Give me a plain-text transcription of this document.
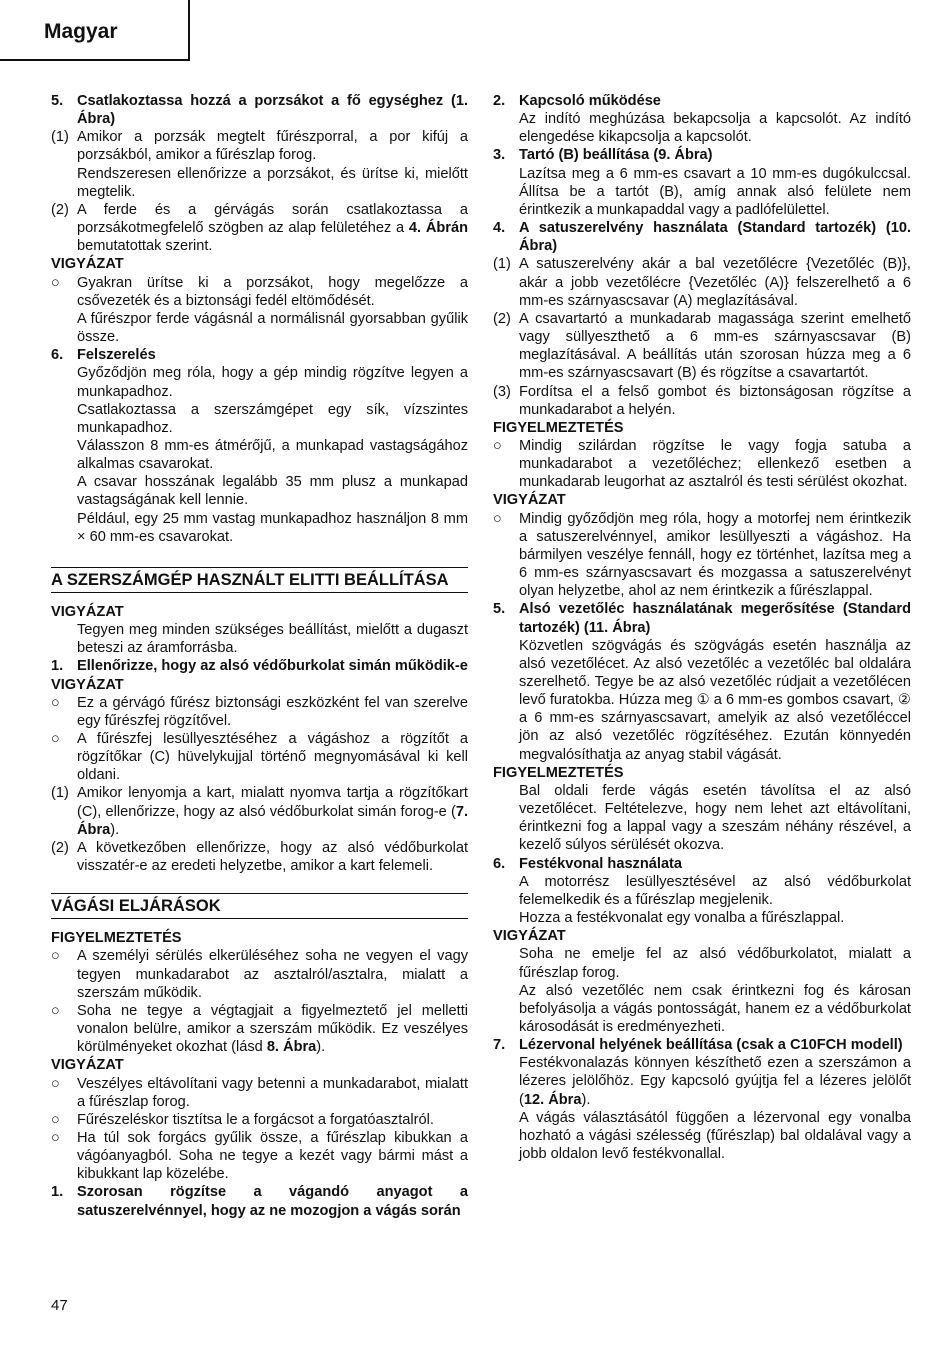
Magyar
5. Csatlakoztassa hozzá a porzsákot a fő egységhez (1. Ábra)
(1) Amikor a porzsák megtelt fűrészporral, a por kifúj a porzsákból, amikor a fűrészlap forog.
Rendszeresen ellenőrizze a porzsákot, és ürítse ki, mielőtt megtelik.
(2) A ferde és a gérvágás során csatlakoztassa a porzsákotmegfelelő szögben az alap felületéhez a 4. Ábrán bemutatottak szerint.
VIGYÁZAT
○	Gyakran ürítse ki a porzsákot, hogy megelőzze a csővezeték és a biztonsági fedél eltömődését.
A fűrészpor ferde vágásnál a normálisnál gyorsabban gyűlik össze.
6. Felszerelés
Győződjön meg róla, hogy a gép mindig rögzítve legyen a munkapadhoz.
Csatlakoztassa a szerszámgépet egy sík, vízszintes munkapadhoz.
Válasszon 8 mm-es átmérőjű, a munkapad vastagságához alkalmas csavarokat.
A csavar hosszának legalább 35 mm plusz a munkapad vastagságának kell lennie.
Például, egy 25 mm vastag munkapadhoz használjon 8 mm × 60 mm-es csavarokat.
A SZERSZÁMGÉP HASZNÁLT ELITTI BEÁLLÍTÁSA
VIGYÁZAT
Tegyen meg minden szükséges beállítást, mielőtt a dugaszt beteszi az áramforrásba.
1. Ellenőrizze, hogy az alsó védőburkolat simán működik-e
VIGYÁZAT
○	Ez a gérvágó fűrész biztonsági eszközként fel van szerelve egy fűrészfej rögzítővel.
○	A fűrészfej lesüllyesztéséhez a vágáshoz a rögzítőt a rögzítőkar (C) hüvelykujjal történő megnyomásával ki kell oldani.
(1) Amikor lenyomja a kart, mialatt nyomva tartja a rögzítőkart (C), ellenőrizze, hogy az alsó védőburkolat simán forog-e (7. Ábra).
(2) A következőben ellenőrizze, hogy az alsó védőburkolat visszatér-e az eredeti helyzetbe, amikor a kart felemeli.
VÁGÁSI ELJÁRÁSOK
FIGYELMEZTETÉS
○	A személyi sérülés elkerüléséhez soha ne vegyen el vagy tegyen munkadarabot az asztalról/asztalra, mialatt a szerszám működik.
○	Soha ne tegye a végtagjait a figyelmeztető jel melletti vonalon belülre, amikor a szerszám működik. Ez veszélyes körülményeket okozhat (lásd 8. Ábra).
VIGYÁZAT
○	Veszélyes eltávolítani vagy betenni a munkadarabot, mialatt a fűrészlap forog.
○	Fűrészeléskor tisztítsa le a forgácsot a forgatóasztalról.
○	Ha túl sok forgács gyűlik össze, a fűrészlap kibukkan a vágóanyagból. Soha ne tegye a kezét vagy bármi mást a kibukkant lap közelébe.
1. Szorosan rögzítse a vágandó anyagot a satuszerelvénnyel, hogy az ne mozogjon a vágás során
2. Kapcsoló működése
Az indító meghúzása bekapcsolja a kapcsolót. Az indító elengedése kikapcsolja a kapcsolót.
3. Tartó (B) beállítása (9. Ábra)
Lazítsa meg a 6 mm-es csavart a 10 mm-es dugókulccsal. Állítsa be a tartót (B), amíg annak alsó felülete nem érintkezik a munkapaddal vagy a padlófelülettel.
4. A satuszerelvény használata (Standard tartozék) (10. Ábra)
(1) A satuszerelvény akár a bal vezetőlécre {Vezetőléc (B)}, akár a jobb vezetőlécre {Vezetőléc (A)} felszerelhető a 6 mm-es szárnyascsavar (A) meglazításával.
(2) A csavartartó a munkadarab magassága szerint emelhető vagy süllyeszthető a 6 mm-es szárnyascsavar (B) meglazításával. A beállítás után szorosan húzza meg a 6 mm-es szárnyascsavart (B) és rögzítse a csavartartót.
(3) Fordítsa el a felső gombot és biztonságosan rögzítse a munkadarabot a helyén.
FIGYELMEZTETÉS
○	Mindig szilárdan rögzítse le vagy fogja satuba a munkadarabot a vezetőléchez; ellenkező esetben a munkadarab leugorhat az asztalról és testi sérülést okozhat.
VIGYÁZAT
○	Mindig győződjön meg róla, hogy a motorfej nem érintkezik a satuszerelvénnyel, amikor lesüllyeszti a vágáshoz. Ha bármilyen veszélye fennáll, hogy ez történhet, lazítsa meg a 6 mm-es szárnyascsavart és mozgassa a satuszerelvényt olyan helyzetbe, ahol az nem érintkezik a fűrészlappal.
5. Alsó vezetőléc használatának megerősítése (Standard tartozék) (11. Ábra)
Közvetlen szögvágás és szögvágás esetén használja az alsó vezetőlécet. Az alsó vezetőléc a vezetőléc bal oldalára szerelhető. Tegye be az alsó vezetőléc rúdjait a vezetőlécen levő furatokba. Húzza meg ① a 6 mm-es gombos csavart, ② a 6 mm-es szárnyascsavart, amelyik az alsó vezetőléccel jön az alsó vezetőléc rögzítéséhez. Ezután könnyedén megvalósíthatja az anyag stabil vágását.
FIGYELMEZTETÉS
Bal oldali ferde vágás esetén távolítsa el az alsó vezetőlécet. Feltételezve, hogy nem lehet azt eltávolítani, érintkezni fog a lappal vagy a szeszám néhány részével, a kezelő súlyos sérülését okozva.
6. Festékvonal használata
A motorrész lesüllyesztésével az alsó védőburkolat felemelkedik és a fűrészlap megjelenik.
Hozza a festékvonalat egy vonalba a fűrészlappal.
VIGYÁZAT
Soha ne emelje fel az alsó védőburkolatot, mialatt a fűrészlap forog.
Az alsó vezetőléc nem csak érintkezni fog és károsan befolyásolja a vágás pontosságát, hanem ez a védőburkolat károsodását is eredményezheti.
7. Lézervonal helyének beállítása (csak a C10FCH modell)
Festékvonalazás könnyen készíthető ezen a szerszámon a lézeres jelölőhöz. Egy kapcsoló gyújtja fel a lézeres jelölőt (12. Ábra).
A vágás választásától függően a lézervonal egy vonalba hozható a vágási szélesség (fűrészlap) bal oldalával vagy a jobb oldalon levő festékvonallal.
47
